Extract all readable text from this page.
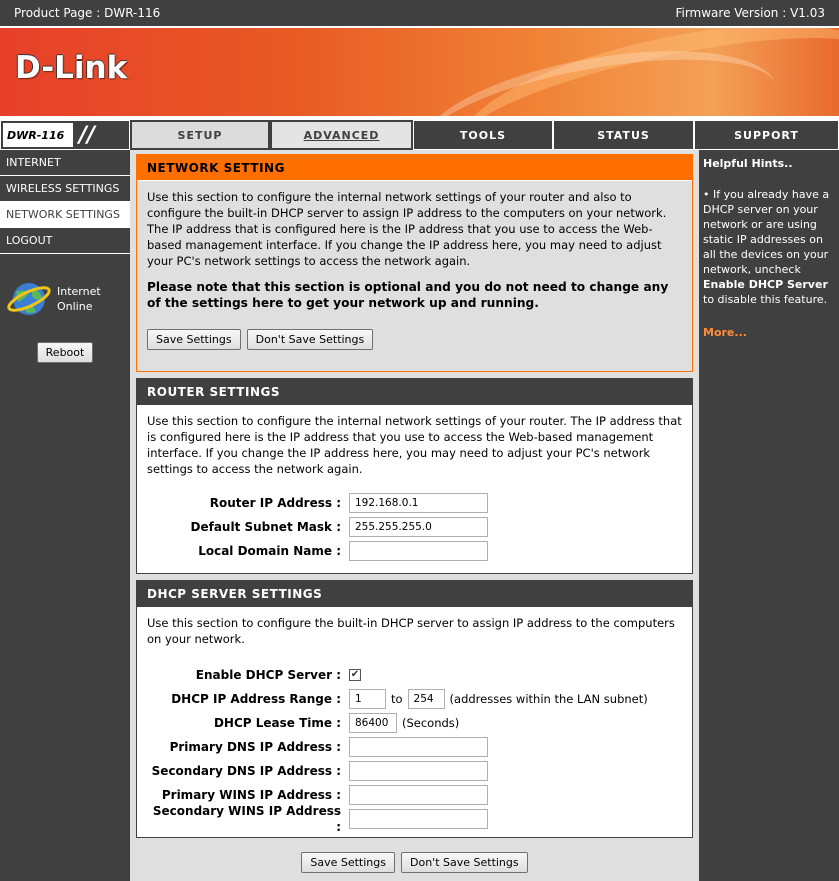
Product Page : DWR-116	Firmware Version : V1.03
D-Link
DWR-116 //	SETUP	ADVANCED	TOOLS	STATUS	SUPPORT
INTERNET
WIRELESS SETTINGS
NETWORK SETTINGS
LOGOUT
Internet
Online
Reboot
NETWORK SETTING
Use this section to configure the internal network settings of your router and also to configure the built-in DHCP server to assign IP address to the computers on your network. The IP address that is configured here is the IP address that you use to access the Web-based management interface. If you change the IP address here, you may need to adjust your PC's network settings to access the network again.
Please note that this section is optional and you do not need to change any of the settings here to get your network up and running.
Save Settings	Don't Save Settings
ROUTER SETTINGS
Use this section to configure the internal network settings of your router. The IP address that is configured here is the IP address that you use to access the Web-based management interface. If you change the IP address here, you may need to adjust your PC's network settings to access the network again.
Router IP Address :
192.168.0.1
Default Subnet Mask :
255.255.255.0
Local Domain Name :
DHCP SERVER SETTINGS
Use this section to configure the built-in DHCP server to assign IP address to the computers on your network.
Enable DHCP Server : ✔
DHCP IP Address Range :
1	to
254	(addresses within the LAN subnet)
DHCP Lease Time :
86400	(Seconds)
Primary DNS IP Address :
Secondary DNS IP Address :
Primary WINS IP Address :
Secondary WINS IP Address :
Save Settings	Don't Save Settings
Helpful Hints..
• If you already have a DHCP server on your network or are using static IP addresses on all the devices on your network, uncheck Enable DHCP Server to disable this feature.
More...
